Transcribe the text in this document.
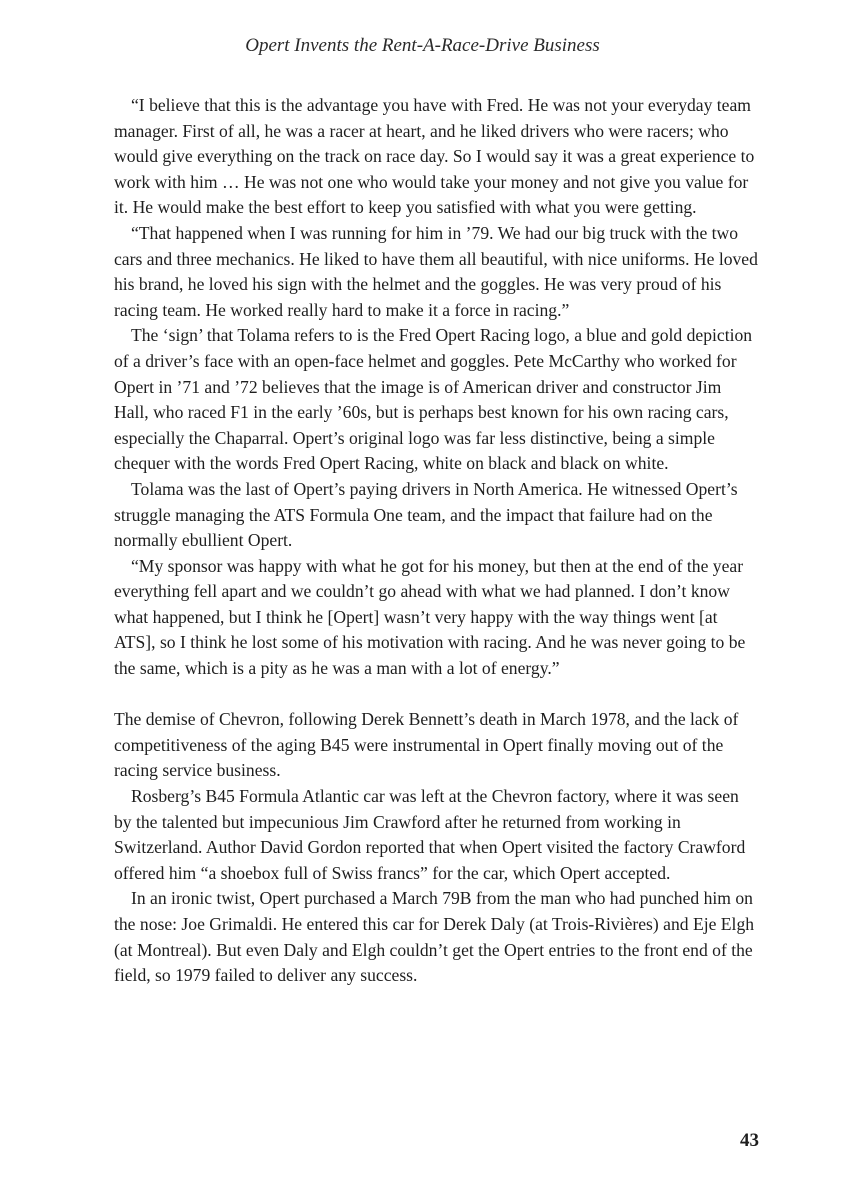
Opert Invents the Rent-A-Race-Drive Business

“I believe that this is the advantage you have with Fred. He was not your everyday team manager. First of all, he was a racer at heart, and he liked drivers who were racers; who would give everything on the track on race day. So I would say it was a great experience to work with him … He was not one who would take your money and not give you value for it. He would make the best effort to keep you satisfied with what you were getting.

“That happened when I was running for him in ’79. We had our big truck with the two cars and three mechanics. He liked to have them all beautiful, with nice uniforms. He loved his brand, he loved his sign with the helmet and the goggles. He was very proud of his racing team. He worked really hard to make it a force in racing.”

The ‘sign’ that Tolama refers to is the Fred Opert Racing logo, a blue and gold depiction of a driver’s face with an open-face helmet and goggles. Pete McCarthy who worked for Opert in ’71 and ’72 believes that the image is of American driver and constructor Jim Hall, who raced F1 in the early ’60s, but is perhaps best known for his own racing cars, especially the Chaparral. Opert’s original logo was far less distinctive, being a simple chequer with the words Fred Opert Racing, white on black and black on white.

Tolama was the last of Opert’s paying drivers in North America. He witnessed Opert’s struggle managing the ATS Formula One team, and the impact that failure had on the normally ebullient Opert.

“My sponsor was happy with what he got for his money, but then at the end of the year everything fell apart and we couldn’t go ahead with what we had planned. I don’t know what happened, but I think he [Opert] wasn’t very happy with the way things went [at ATS], so I think he lost some of his motivation with racing. And he was never going to be the same, which is a pity as he was a man with a lot of energy.”

The demise of Chevron, following Derek Bennett’s death in March 1978, and the lack of competitiveness of the aging B45 were instrumental in Opert finally moving out of the racing service business.

Rosberg’s B45 Formula Atlantic car was left at the Chevron factory, where it was seen by the talented but impecunious Jim Crawford after he returned from working in Switzerland. Author David Gordon reported that when Opert visited the factory Crawford offered him “a shoebox full of Swiss francs” for the car, which Opert accepted.

In an ironic twist, Opert purchased a March 79B from the man who had punched him on the nose: Joe Grimaldi. He entered this car for Derek Daly (at Trois-Rivières) and Eje Elgh (at Montreal). But even Daly and Elgh couldn’t get the Opert entries to the front end of the field, so 1979 failed to deliver any success.

43
